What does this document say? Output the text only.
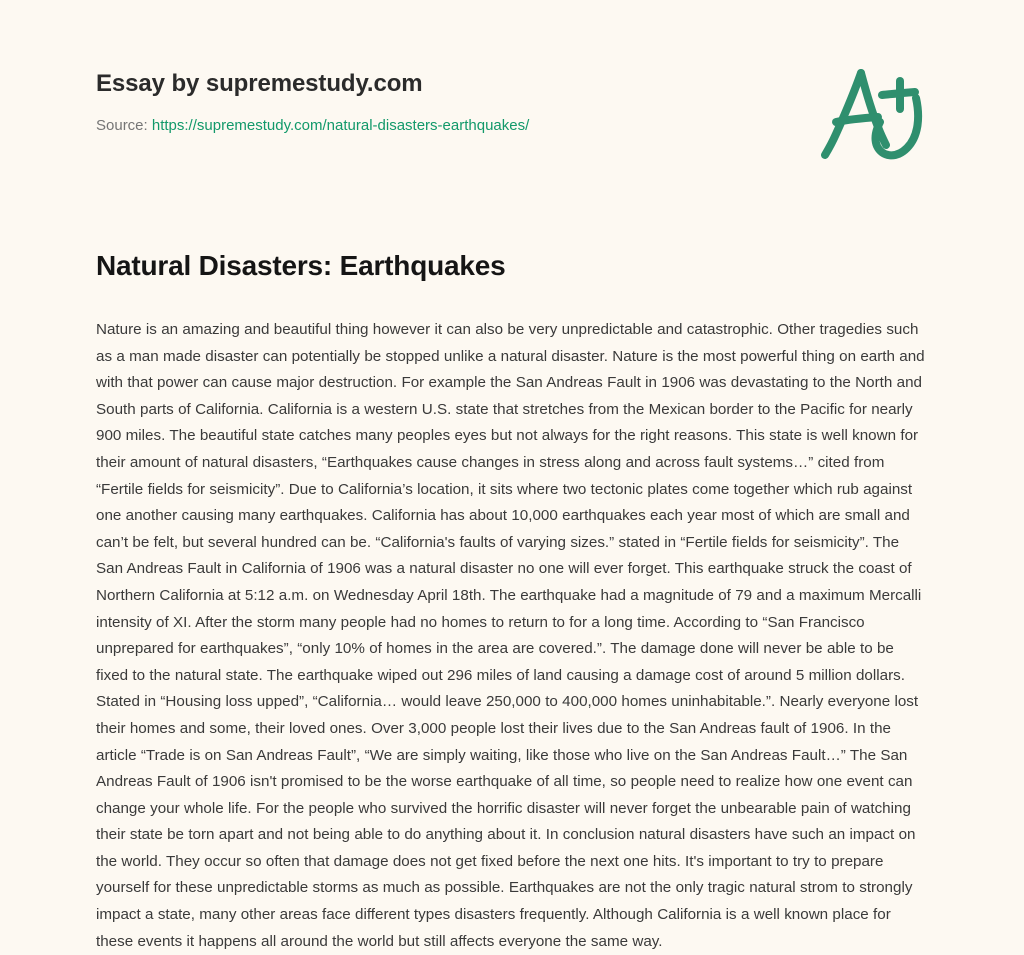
Essay by supremestudy.com
Source: https://supremestudy.com/natural-disasters-earthquakes/
Natural Disasters: Earthquakes

Nature is an amazing and beautiful thing however it can also be very unpredictable and catastrophic. Other tragedies such as a man made disaster can potentially be stopped unlike a natural disaster. Nature is the most powerful thing on earth and with that power can cause major destruction. For example the San Andreas Fault in 1906 was devastating to the North and South parts of California. California is a western U.S. state that stretches from the Mexican border to the Pacific for nearly 900 miles. The beautiful state catches many peoples eyes but not always for the right reasons. This state is well known for their amount of natural disasters, “Earthquakes cause changes in stress along and across fault systems…” cited from “Fertile fields for seismicity”. Due to California’s location, it sits where two tectonic plates come together which rub against one another causing many earthquakes. California has about 10,000 earthquakes each year most of which are small and can’t be felt, but several hundred can be. “California's faults of varying sizes.” stated in “Fertile fields for seismicity”. The San Andreas Fault in California of 1906 was a natural disaster no one will ever forget. This earthquake struck the coast of Northern California at 5:12 a.m. on Wednesday April 18th. The earthquake had a magnitude of 79 and a maximum Mercalli intensity of XI. After the storm many people had no homes to return to for a long time. According to “San Francisco unprepared for earthquakes”, “only 10% of homes in the area are covered.”. The damage done will never be able to be fixed to the natural state. The earthquake wiped out 296 miles of land causing a damage cost of around 5 million dollars. Stated in “Housing loss upped”, “California… would leave 250,000 to 400,000 homes uninhabitable.”. Nearly everyone lost their homes and some, their loved ones. Over 3,000 people lost their lives due to the San Andreas fault of 1906. In the article “Trade is on San Andreas Fault”, “We are simply waiting, like those who live on the San Andreas Fault…” The San Andreas Fault of 1906 isn't promised to be the worse earthquake of all time, so people need to realize how one event can change your whole life. For the people who survived the horrific disaster will never forget the unbearable pain of watching their state be torn apart and not being able to do anything about it. In conclusion natural disasters have such an impact on the world. They occur so often that damage does not get fixed before the next one hits. It's important to try to prepare yourself for these unpredictable storms as much as possible. Earthquakes are not the only tragic natural strom to strongly impact a state, many other areas face different types disasters frequently. Although California is a well known place for these events it happens all around the world but still affects everyone the same way.
